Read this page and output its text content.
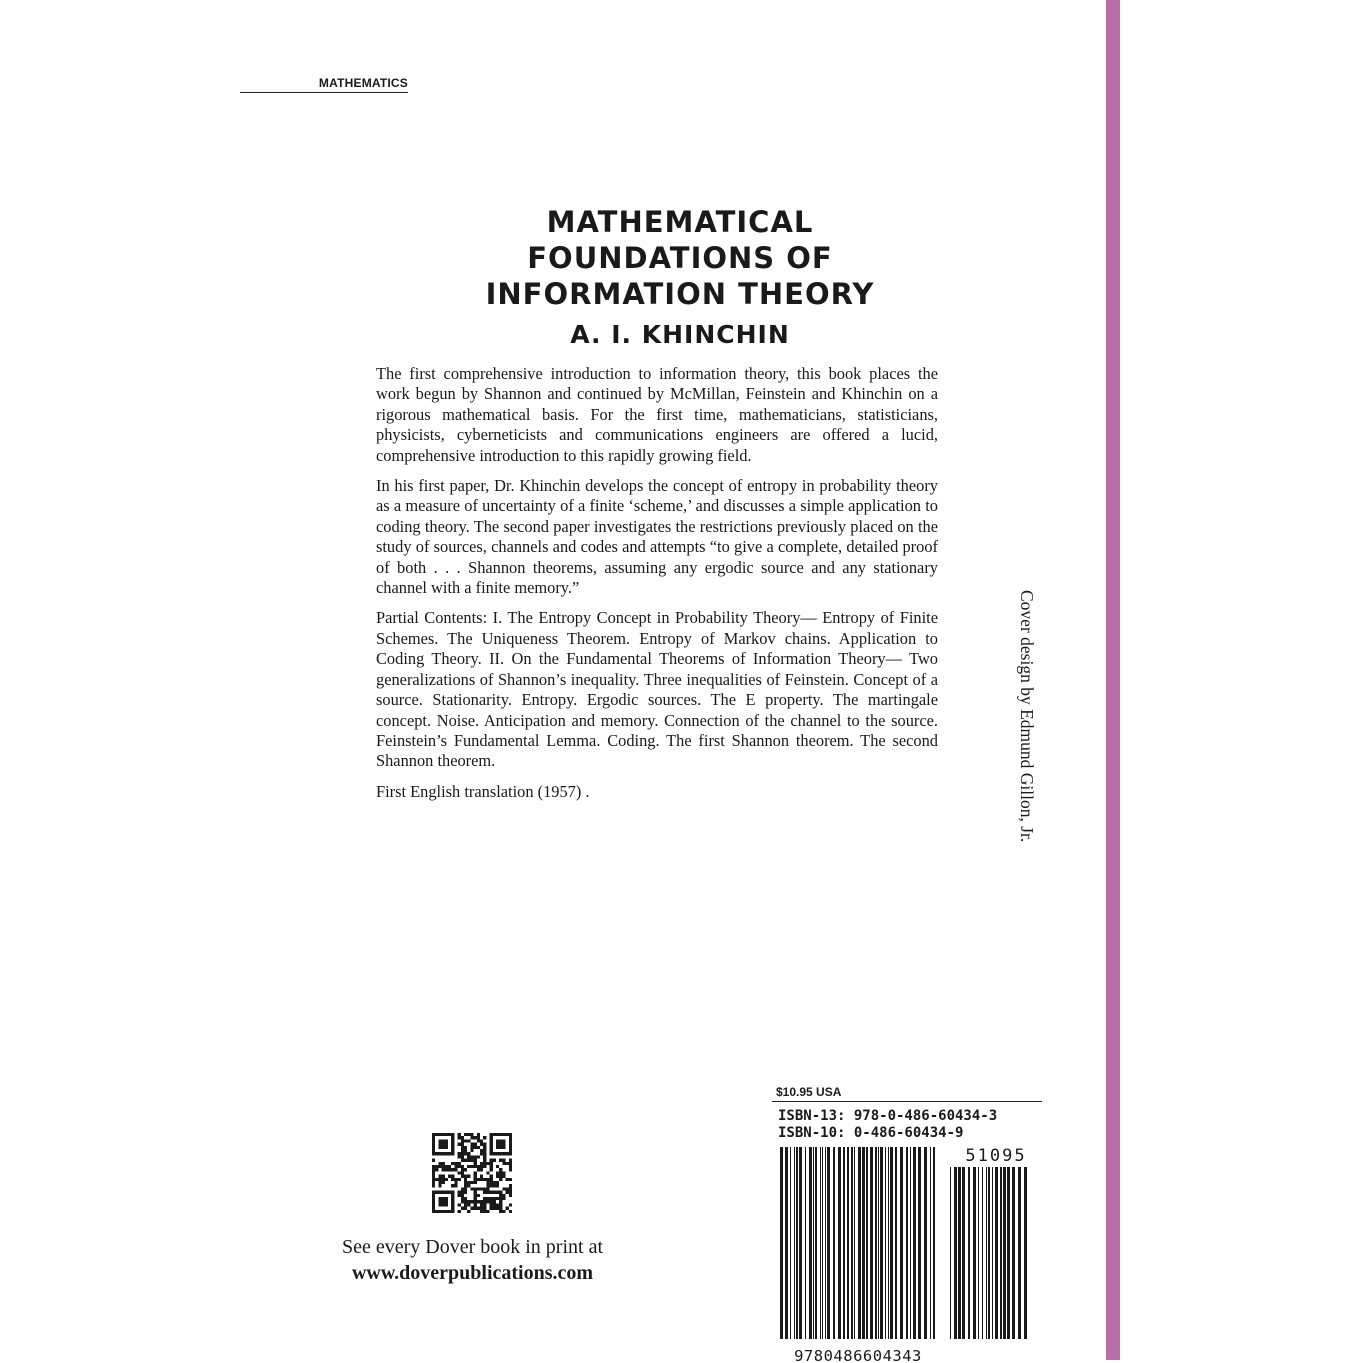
MATHEMATICS
MATHEMATICAL
FOUNDATIONS OF
INFORMATION THEORY
A. I. KHINCHIN

The first comprehensive introduction to information theory, this book places the work begun by Shannon and continued by McMillan, Feinstein and Khinchin on a rigorous mathematical basis. For the first time, mathematicians, statisticians, physicists, cyberneticists and communications engineers are offered a lucid, comprehensive introduction to this rapidly growing field.

In his first paper, Dr. Khinchin develops the concept of entropy in probability theory as a measure of uncertainty of a finite ‘scheme,’ and discusses a simple application to coding theory. The second paper investigates the restrictions previously placed on the study of sources, channels and codes and attempts “to give a complete, detailed proof of both . . . Shannon theorems, assuming any ergodic source and any stationary channel with a finite memory.”

Partial Contents: I. The Entropy Concept in Probability Theory— Entropy of Finite Schemes. The Uniqueness Theorem. Entropy of Markov chains. Application to Coding Theory. II. On the Fundamental Theorems of Information Theory— Two generalizations of Shannon’s inequality. Three inequalities of Feinstein. Concept of a source. Stationarity. Entropy. Ergodic sources. The E property. The martingale concept. Noise. Anticipation and memory. Connection of the channel to the source. Feinstein’s Fundamental Lemma. Coding. The first Shannon theorem. The second Shannon theorem.

First English translation (1957) .	Cover design by Edmund Gillon, Jr.
See every Dover book in print at
www.doverpublications.com
$10.95 USA
ISBN-13: 978-0-486-60434-3
ISBN-10: 0-486-60434-9
51095
9780486604343
